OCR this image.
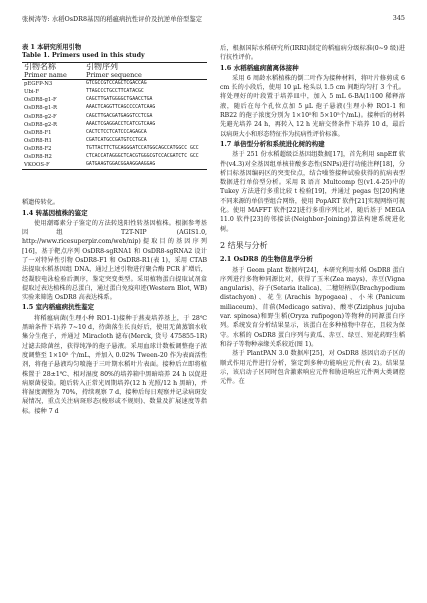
张树涛等: 水稻OsDR8基因的稻瘟病抗性评价及抗逆单倍型鉴定	345
表 1 本研究所用引物
Table 1. Primers used in this study
引物名称	引物序列
Primer name	Primer sequence
pEGFP-N3	GTCGCCGTCCAGCTCGACCAG
Ubi-F	TTAGCCCTGCCTTCATACGC
OsDR8-g1-F	CAGCTTGATGGGGCTGAACCTGA
OsDR8-g1-R	AAACTCAGGTTCAGCCCCATCAAG
OsDR8-g2-F	CAGCTTGACGATGAGGTCCTCGA
OsDR8-g2-R	AAACTCGAGGACCTCATCGTCAAG
OsDR8-F1	CACTCTCCTCATCCCAGAGCA
OsDR8-R1	CGATCATGCCGATGTCCTGCA
OsDR8-F2	TGTTACTTCTGCAGGGATCCATGGCAGCCATGGCC GCC
OsDR8-R2	CTCACCATAGGGCTCACGTGGGCGTCCACGATCTC GCC
VKOOS-F	GATGAAGTGGACGGAAGGAAGGAG

稻遗传转化。

1.4 转基因植株的鉴定

使用潮霉素分子鉴定的方法转选阳性转基因植株。根据参考基因组 T2T-NIP (AGIS1.0, http://www.ricesuperpir.com/web/nip)提取目的基因序列[16]，基于靶点序列 OsDR8-sgRNA1 和 OsDR8-sgRNA2 设计了一对特异性引物 OsDR8-F1 和 OsDR8-R1(表 1)，采用 CTAB 法提取水稻基因组 DNA，通过上述引物进行聚合酶 PCR 扩增后，经凝胶电泳检验后测序，鉴定突变类型。采用植物蛋白提取试剂盒提取过表达植株的总蛋白，通过蛋白免疫印迹(Western Blot, WB)实验来筛选 OsDR8 高表达株系。

1.5 室内稻瘟病抗性鉴定

将稻瘟病菌(生理小种 RO1-1)接种于燕麦培养基上，于 28℃黑暗条件下培养 7~10 d，待菌落生长良好后，使用无菌蒸馏水收集分生孢子，并通过 Miracloth 滤布(Merck, 货号 475855-1R)过滤去除菌丝，获得纯净的孢子悬液。采用血球计数板调整孢子浓度调整至 1×10⁵ 个/mL，并加入 0.02% Tween-20 作为表面活性剂，将孢子悬液均匀喷施于三叶期水稻叶片表面。接种后立即将植株置于 28±1℃、相对湿度 80%的培养箱中黑暗培养 24 h 以促进病原菌侵染。随后转入正常光周期培养(12 h 光照/12 h 黑暗)，并将湿度调整为 70%，持续观察 7 d，接种后每日观察并记录病斑发展情况，重点关注病斑形态(梭形或不规则)、数量及扩展速度等指标。接种 7 d

后，根据国际水稻研究所(IRRI)制定的稻瘟病分级标准(0~9 级)进行抗性评价。

1.6 水稻稻瘟病菌离体接种

采用 6 周龄水稻植株的倒二叶作为接种材料，将叶片修剪成 6 cm 长的小段后，使用 10 μL 枪头以 1.5 cm 间距均匀打 3 个孔。将处理好的叶段置于培养皿中，加入 5 mL 6-BA(1∶100 稀释溶液，随后在每个孔位点加 5 μL 孢子悬液(生理小种 RO1-1 和 RB22 的孢子浓度分别为 1×10⁵和 5×10⁵个/mL)。接种后的材料先避光培养 24 h，再转入 12 h 光暗交替条件下培养 10 d，最后以病斑大小和形态特征作为抗病性评价标准。

1.7 单倍型分析和系统进化树的构建

基于 251 份水稻超级泛基因组数据[17]，首先利用 snpEff 软件(v4.3)对全基因组单核苷酸多态性(SNPs)进行功能注释[18]，分析目标基因编码区的突变位点，结合噪签接种试验获得的抗病表型数据进行单倍型分析。采用 R 语言 Multcomp 包(v1.4-25)中的 Tukey 方法进行多重比较 t 检验[19]，并通过 pegas 包[20]构建不同来源的单倍型组合网络，使用 PopART 软件[21]实现网络可视化。使用 MAFFT 软件[22]进行多重序列比对，随后基于 MEGA 11.0 软件[23]的邻接法(Neighbor-Joining)算法构建系统进化树。

2 结果与分析
2.1 OsDR8 的生物信息学分析

基于 Geom plant 数据库[24]，本研究利用水稻 OsDR8 蛋白序列进行多物种同源比对，获得了玉米(Zea mays)、赤豆(Vigna angularis)、谷子(Setaria italica)、二穗短柄草(Brachypodium distachyon)、花生(Arachis hypogaea)、小米(Panicum miliaceum)、苜蓿(Medicago sativa)、酸枣(Ziziphus jujuba var. spinosa)和野生稻(Oryza rufipogon)等物种的同源蛋白序列。系统发育分析结果显示，该蛋白在多种植物中存在，且较为保守。水稻的 OsDR8 蛋白序列与黄瓜、赤豆、绿豆、短花药野生稻和谷子等物种亲缘关系较近(图 1)。

基于 PlantPAN 3.0 数据库[25]，对 OsDR8 基因启动子区的顺式作用元件进行分析，鉴定到多种功能响应元件(表 2)。结果显示，该启动子区同时包含激素响应元件和胁迫响应元件两大类调控元件。在
